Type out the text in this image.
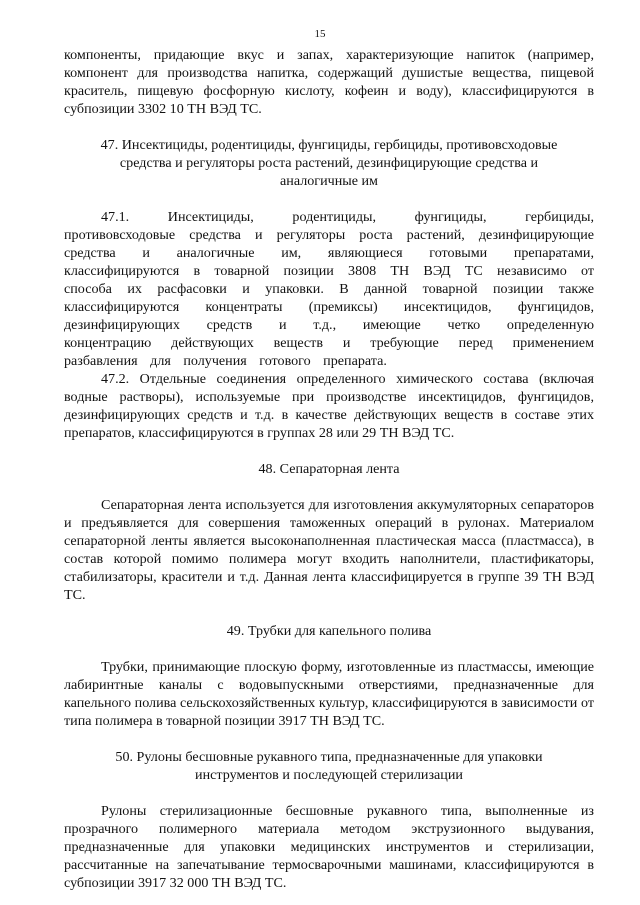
15

компоненты, придающие вкус и запах, характеризующие напиток (например, компонент для производства напитка, содержащий душистые вещества, пищевой краситель, пищевую фосфорную кислоту, кофеин и воду), классифицируются в субпозиции 3302 10 ТН ВЭД ТС.

47. Инсектициды, родентициды, фунгициды, гербициды, противовсходовые средства и регуляторы роста растений, дезинфицирующие средства и аналогичные им

47.1. Инсектициды, родентициды, фунгициды, гербициды, противовсходовые средства и регуляторы роста растений, дезинфицирующие средства и аналогичные им, являющиеся готовыми препаратами, классифицируются в товарной позиции 3808 ТН ВЭД ТС независимо от способа их расфасовки и упаковки. В данной товарной позиции также классифицируются концентраты (премиксы) инсектицидов, фунгицидов, дезинфицирующих средств и т.д., имеющие четко определенную концентрацию действующих веществ и требующие перед применением разбавления для получения готового препарата.

47.2. Отдельные соединения определенного химического состава (включая водные растворы), используемые при производстве инсектицидов, фунгицидов, дезинфицирующих средств и т.д. в качестве действующих веществ в составе этих препаратов, классифицируются в группах 28 или 29 ТН ВЭД ТС.

48. Сепараторная лента

Сепараторная лента используется для изготовления аккумуляторных сепараторов и предъявляется для совершения таможенных операций в рулонах. Материалом сепараторной ленты является высоконаполненная пластическая масса (пластмасса), в состав которой помимо полимера могут входить наполнители, пластификаторы, стабилизаторы, красители и т.д. Данная лента классифицируется в группе 39 ТН ВЭД ТС.

49. Трубки для капельного полива

Трубки, принимающие плоскую форму, изготовленные из пластмассы, имеющие лабиринтные каналы с водовыпускными отверстиями, предназначенные для капельного полива сельскохозяйственных культур, классифицируются в зависимости от типа полимера в товарной позиции 3917 ТН ВЭД ТС.

50. Рулоны бесшовные рукавного типа, предназначенные для упаковки инструментов и последующей стерилизации

Рулоны стерилизационные бесшовные рукавного типа, выполненные из прозрачного полимерного материала методом экструзионного выдувания, предназначенные для упаковки медицинских инструментов и стерилизации, рассчитанные на запечатывание термосварочными машинами, классифицируются в субпозиции 3917 32 000 ТН ВЭД ТС.
